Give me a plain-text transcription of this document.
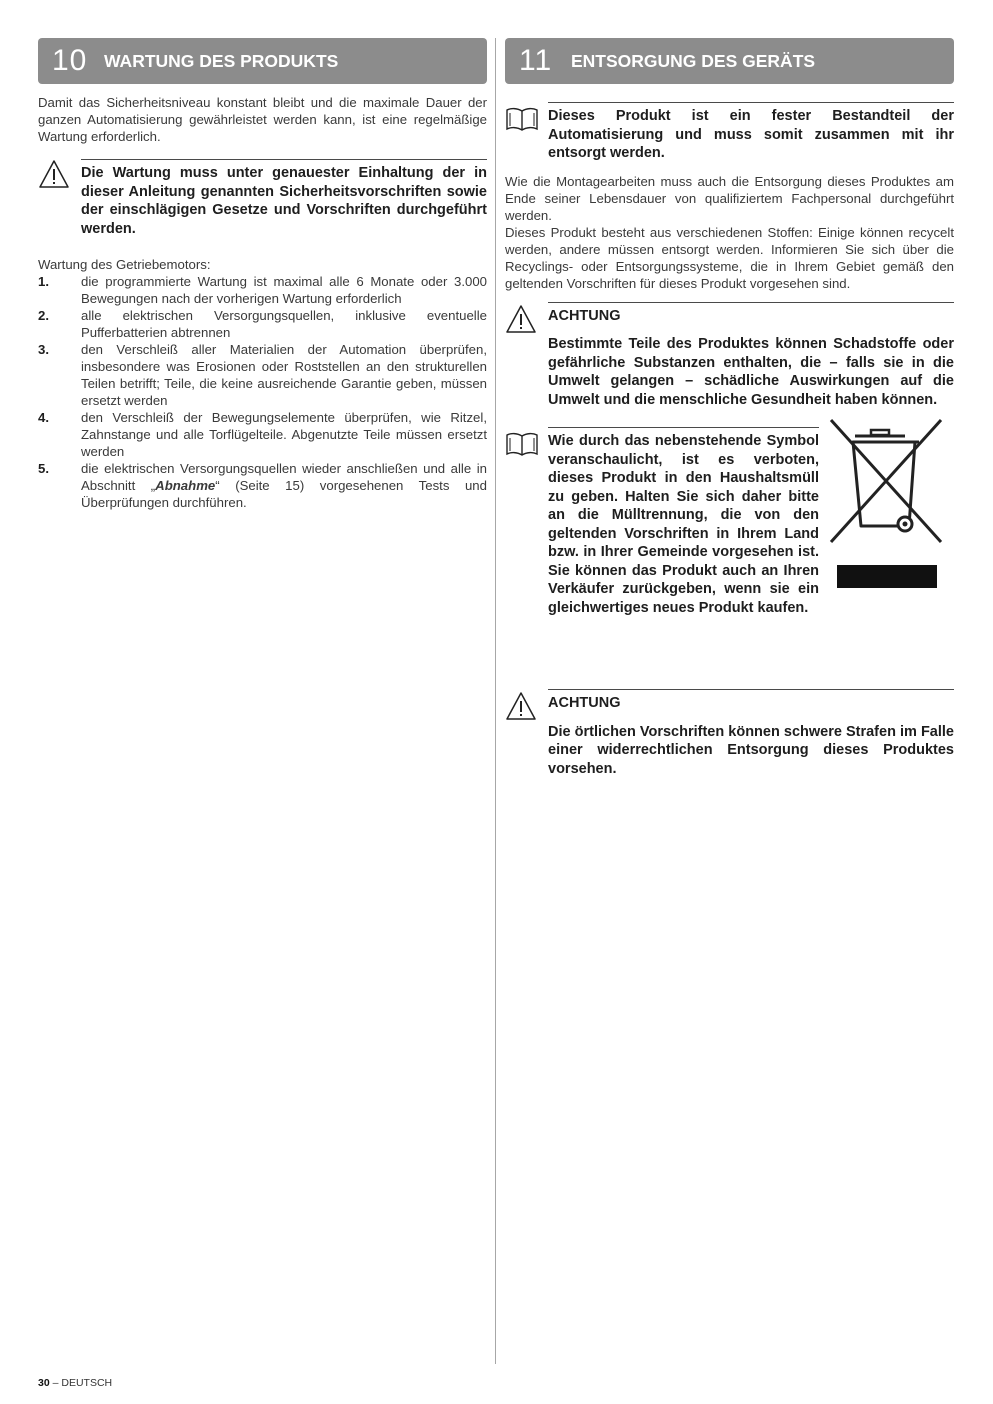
10 WARTUNG DES PRODUKTS

Damit das Sicherheitsniveau konstant bleibt und die maximale Dauer der ganzen Automatisierung gewährleistet werden kann, ist eine regelmäßige Wartung erforderlich.

Die Wartung muss unter genauester Einhaltung der in dieser Anleitung genannten Sicherheitsvorschriften sowie der einschlägigen Gesetze und Vorschriften durchgeführt werden.

Wartung des Getriebemotors:

1. die programmierte Wartung ist maximal alle 6 Monate oder 3.000 Bewegungen nach der vorherigen Wartung erforderlich
2. alle elektrischen Versorgungsquellen, inklusive eventuelle Pufferbatterien abtrennen
3. den Verschleiß aller Materialien der Automation überprüfen, insbesondere was Erosionen oder Roststellen an den strukturellen Teilen betrifft; Teile, die keine ausreichende Garantie geben, müssen ersetzt werden
4. den Verschleiß der Bewegungselemente überprüfen, wie Ritzel, Zahnstange und alle Torflügelteile. Abgenutzte Teile müssen ersetzt werden
5. die elektrischen Versorgungsquellen wieder anschließen und alle in Abschnitt „Abnahme“ (Seite 15) vorgesehenen Tests und Überprüfungen durchführen.
11	ENTSORGUNG DES GERÄTS

Dieses Produkt ist ein fester Bestandteil der Automatisierung und muss somit zusammen mit ihr entsorgt werden.

Wie die Montagearbeiten muss auch die Entsorgung dieses Produktes am Ende seiner Lebensdauer von qualifiziertem Fachpersonal durchgeführt werden.

Dieses Produkt besteht aus verschiedenen Stoffen: Einige können recycelt werden, andere müssen entsorgt werden. Informieren Sie sich über die Recyclings- oder Entsorgungssysteme, die in Ihrem Gebiet gemäß den geltenden Vorschriften für dieses Produkt vorgesehen sind.

ACHTUNG

Bestimmte Teile des Produktes können Schadstoffe oder gefährliche Substanzen enthalten, die – falls sie in die Umwelt gelangen – schädliche Auswirkungen auf die Umwelt und die menschliche Gesundheit haben können.

Wie durch das nebenstehende Symbol veranschaulicht, ist es verboten, dieses Produkt in den Haushaltsmüll zu geben. Halten Sie sich daher bitte an die Mülltrennung, die von den geltenden Vorschriften in Ihrem Land bzw. in Ihrer Gemeinde vorgesehen ist. Sie können das Produkt auch an Ihren Verkäufer zurückgeben, wenn sie ein gleichwertiges neues Produkt kaufen.

ACHTUNG

Die örtlichen Vorschriften können schwere Strafen im Falle einer widerrechtlichen Entsorgung dieses Produktes vorsehen.

30 – DEUTSCH
